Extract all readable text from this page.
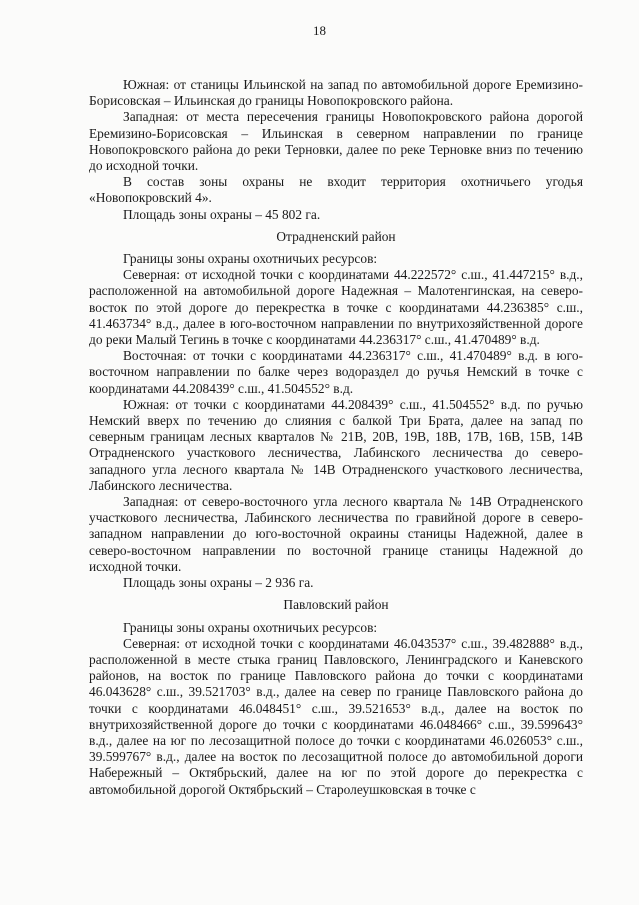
18

Южная: от станицы Ильинской на запад по автомобильной дороге Еремизино-Борисовская – Ильинская до границы Новопокровского района.

Западная: от места пересечения границы Новопокровского района дорогой Еремизино-Борисовская – Ильинская в северном направлении по границе Новопокровского района до реки Терновки, далее по реке Терновке вниз по течению до исходной точки.

В состав зоны охраны не входит территория охотничьего угодья «Новопокровский 4».

Площадь зоны охраны – 45 802 га.

Отрадненский район

Границы зоны охраны охотничьих ресурсов:

Северная: от исходной точки с координатами 44.222572° с.ш., 41.447215° в.д., расположенной на автомобильной дороге Надежная – Малотенгинская, на северо-восток по этой дороге до перекрестка в точке с координатами 44.236385° с.ш., 41.463734° в.д., далее в юго-восточном направлении по внутрихозяйственной дороге до реки Малый Тегинь в точке с координатами 44.236317° с.ш., 41.470489° в.д.

Восточная: от точки с координатами 44.236317° с.ш., 41.470489° в.д. в юго-восточном направлении по балке через водораздел до ручья Немский в точке с координатами 44.208439° с.ш., 41.504552° в.д.

Южная: от точки с координатами 44.208439° с.ш., 41.504552° в.д. по ручью Немский вверх по течению до слияния с балкой Три Брата, далее на запад по северным границам лесных кварталов № 21В, 20В, 19В, 18В, 17В, 16В, 15В, 14В Отрадненского участкового лесничества, Лабинского лесничества до северо-западного угла лесного квартала № 14В Отрадненского участкового лесничества, Лабинского лесничества.

Западная: от северо-восточного угла лесного квартала № 14В Отрадненского участкового лесничества, Лабинского лесничества по гравийной дороге в северо-западном направлении до юго-восточной окраины станицы Надежной, далее в северо-восточном направлении по восточной границе станицы Надежной до исходной точки.

Площадь зоны охраны – 2 936 га.

Павловский район

Границы зоны охраны охотничьих ресурсов:

Северная: от исходной точки с координатами 46.043537° с.ш., 39.482888° в.д., расположенной в месте стыка границ Павловского, Ленинградского и Каневского районов, на восток по границе Павловского района до точки с координатами 46.043628° с.ш., 39.521703° в.д., далее на север по границе Павловского района до точки с координатами 46.048451° с.ш., 39.521653° в.д., далее на восток по внутрихозяйственной дороге до точки с координатами 46.048466° с.ш., 39.599643° в.д., далее на юг по лесозащитной полосе до точки с координатами 46.026053° с.ш., 39.599767° в.д., далее на восток по лесозащитной полосе до автомобильной дороги Набережный – Октябрьский, далее на юг по этой дороге до перекрестка с автомобильной дорогой Октябрьский – Старолеушковская в точке с
